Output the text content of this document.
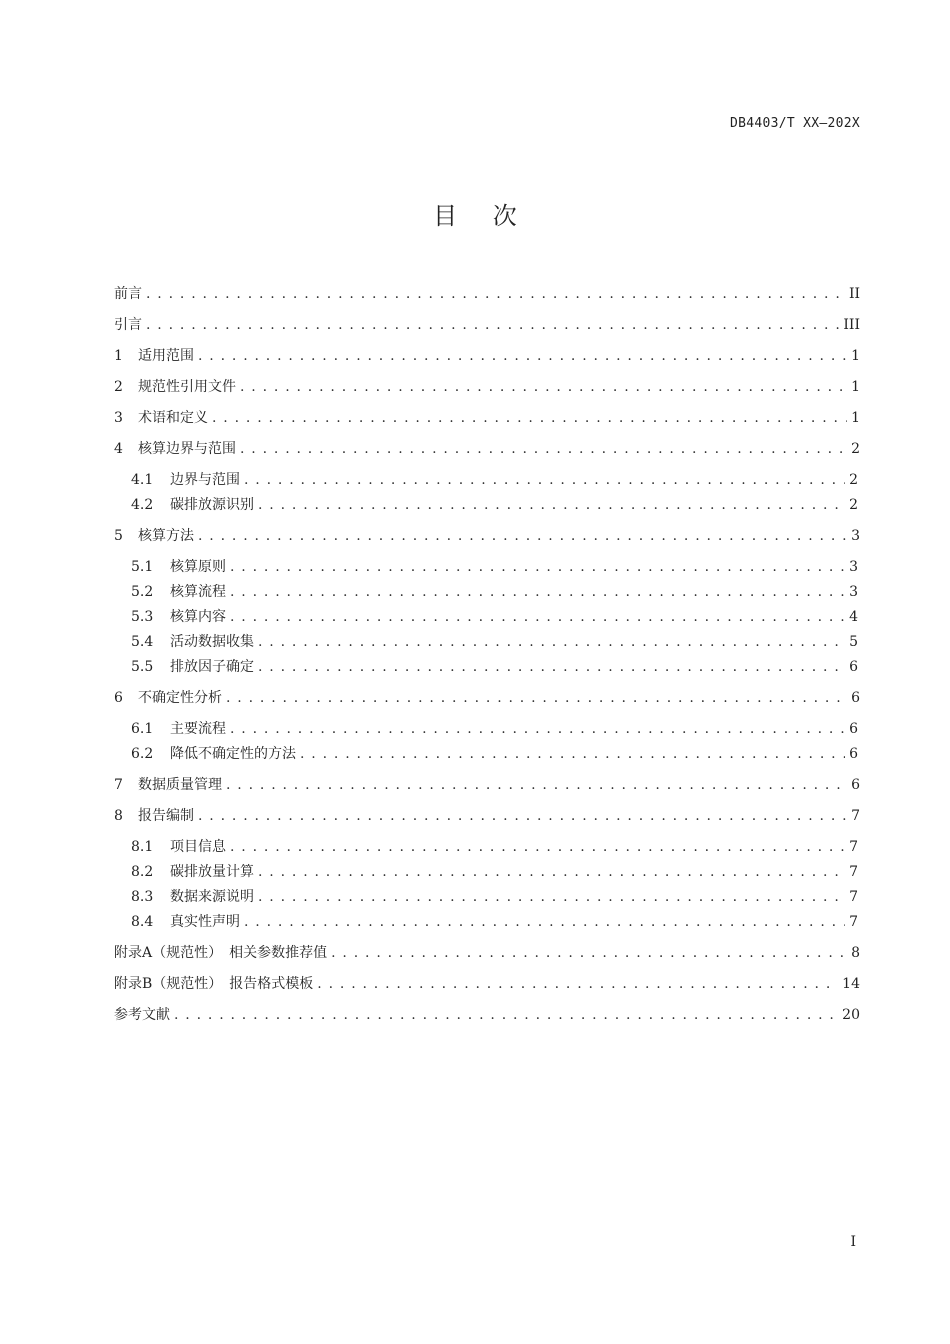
DB4403/T XX—202X
目 次
前言 . . .	II
引言 . . .	III
1	适用范围 . . .	1
2	规范性引用文件 . . .	1
3	术语和定义 . . .	1
4	核算边界与范围 . . .	2
4.1	边界与范围 . . .	2
4.2	碳排放源识别 . . .	2
5	核算方法 . . .	3
5.1	核算原则 . . .	3
5.2	核算流程 . . .	3
5.3	核算内容 . . .	4
5.4	活动数据收集 . . .	5
5.5	排放因子确定 . . .	6
6	不确定性分析 . . .	6
6.1	主要流程 . . .	6
6.2	降低不确定性的方法 . . .	6
7	数据质量管理 . . .	6
8	报告编制 . . .	7
8.1	项目信息 . . .	7
8.2	碳排放量计算 . . .	7
8.3	数据来源说明 . . .	7
8.4	真实性声明 . . .	7
附录A（规范性）　相关参数推荐值 . . .	8
附录B（规范性）　报告格式模板 . . .	14
参考文献 . . .	20
I
